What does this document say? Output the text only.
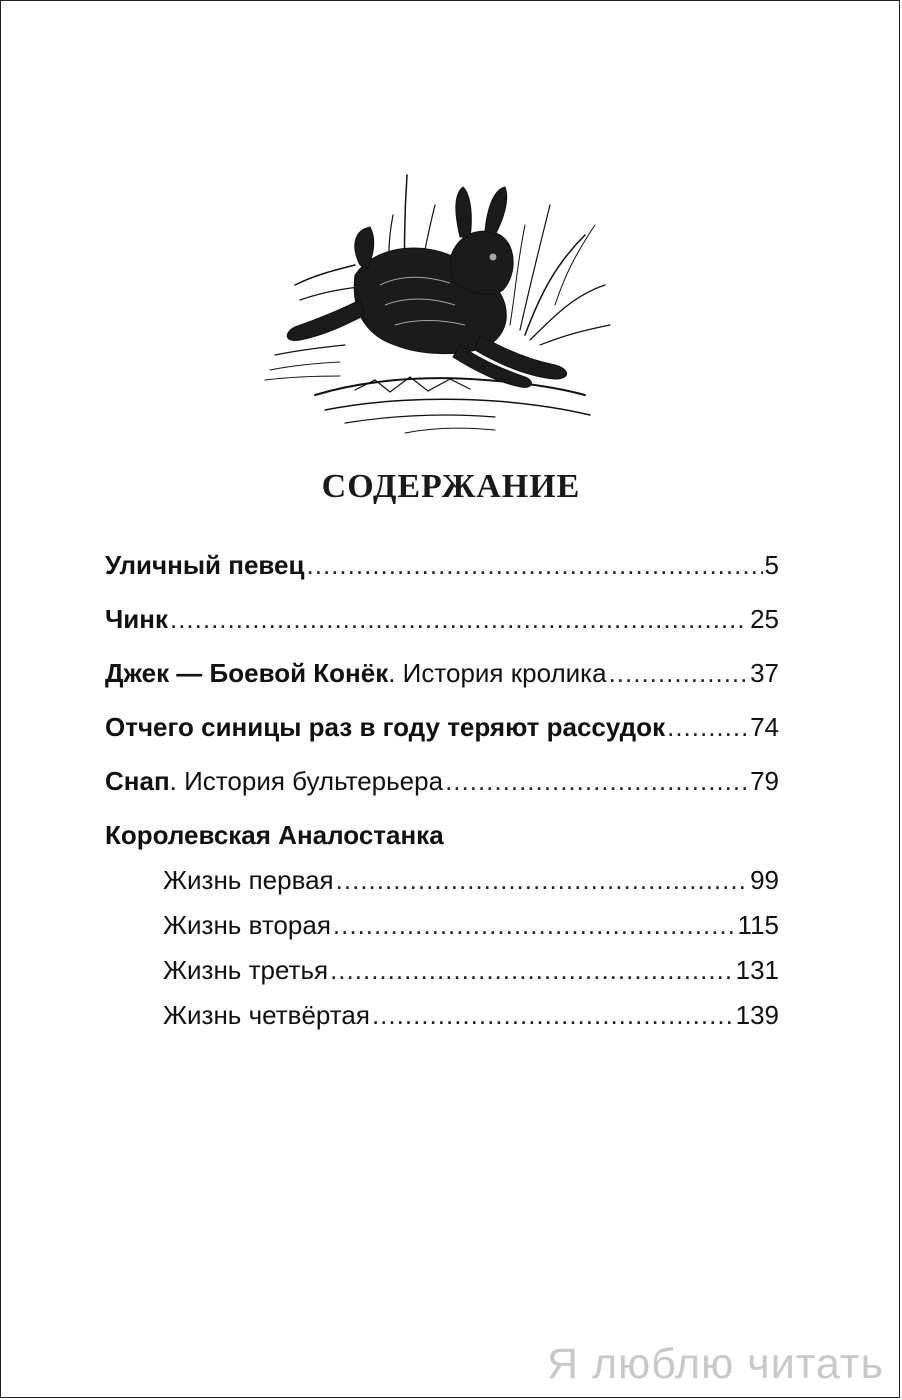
СОДЕРЖАНИЕ
Уличный певец .....	5
Чинк .....	25
Джек — Боевой Конёк . История кролика .....	37
Отчего синицы раз в году теряют рассудок .....	74
Снап . История бультерьера .....	79
Королевская Аналостанка
Жизнь первая .....	99
Жизнь вторая .....	115
Жизнь третья .....	131
Жизнь четвёртая .....	139
Я люблю читать
